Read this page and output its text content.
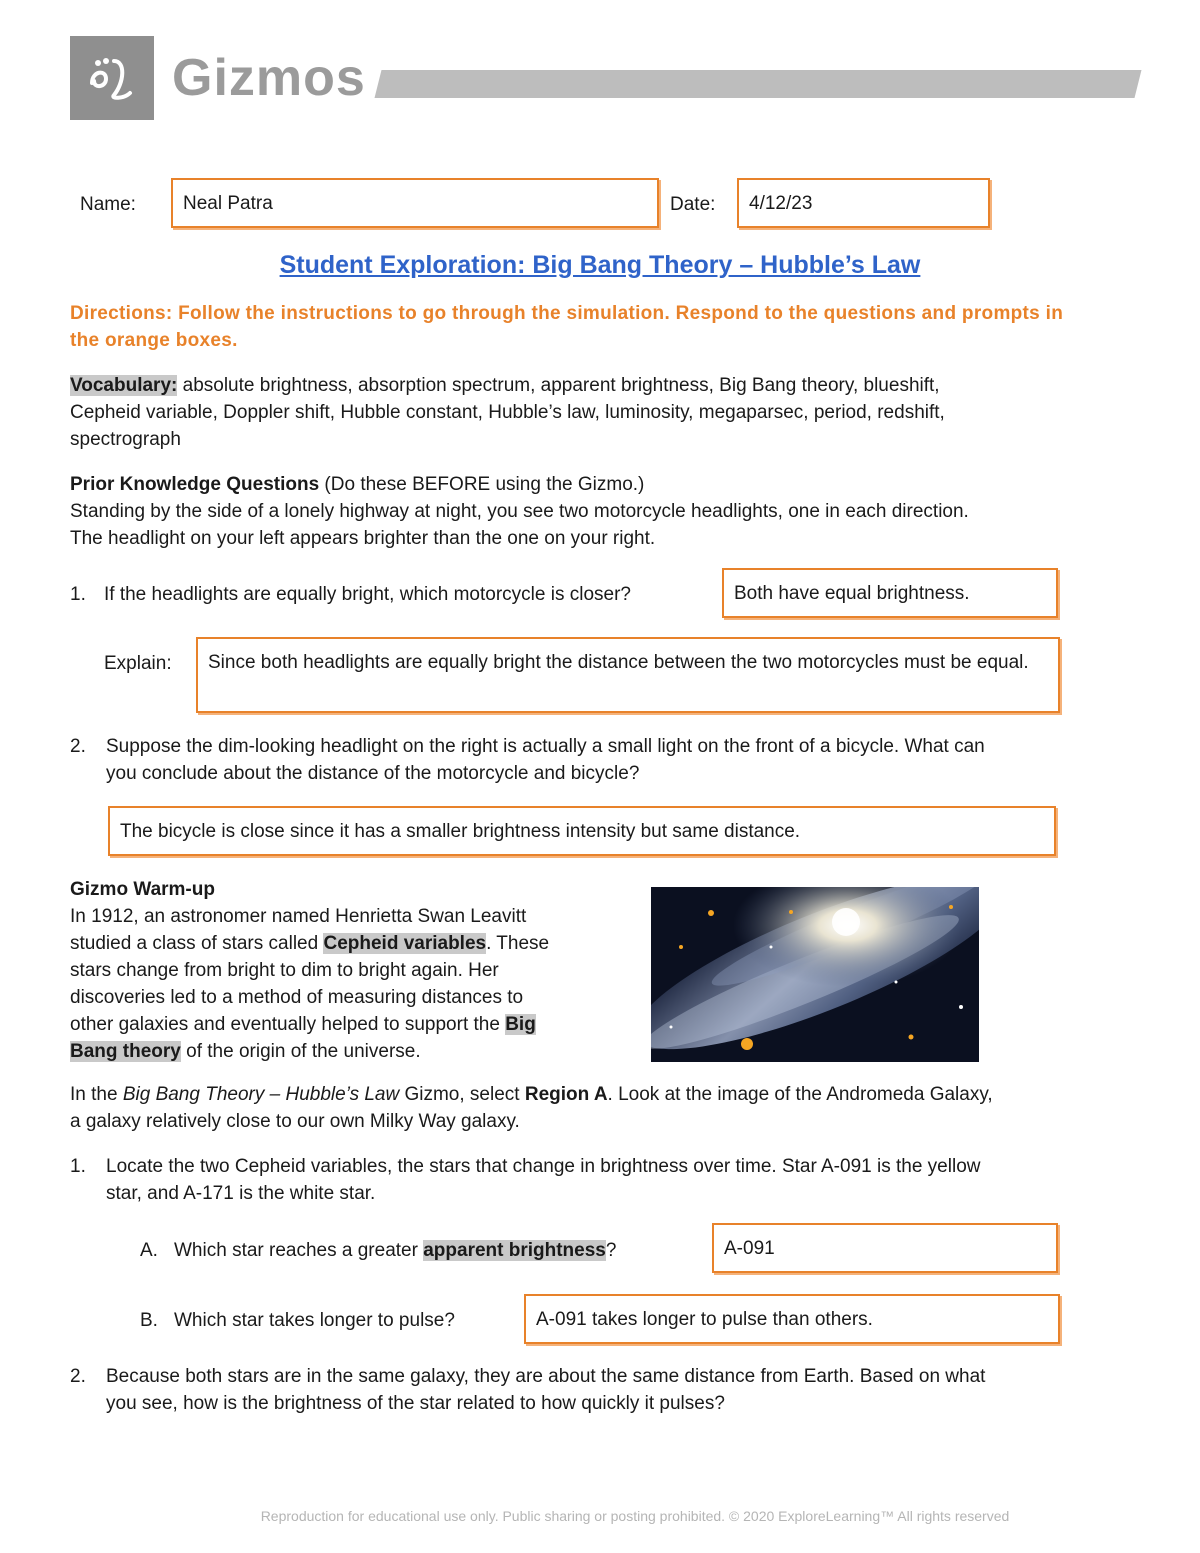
Gizmos
Name:	Neal Patra	Date:	4/12/23
Student Exploration: Big Bang Theory – Hubble’s Law
Directions: Follow the instructions to go through the simulation. Respond to the questions and prompts in the orange boxes.
Vocabulary: absolute brightness, absorption spectrum, apparent brightness, Big Bang theory, blueshift,
Cepheid variable, Doppler shift, Hubble constant, Hubble’s law, luminosity, megaparsec, period, redshift,
spectrograph
Prior Knowledge Questions (Do these BEFORE using the Gizmo.)
Standing by the side of a lonely highway at night, you see two motorcycle headlights, one in each direction.
The headlight on your left appears brighter than the one on your right.
1. If the headlights are equally bright, which motorcycle is closer?	Both have equal brightness.
Explain:	Since both headlights are equally bright the distance between the two motorcycles must be equal.
2. Suppose the dim-looking headlight on the right is actually a small light on the front of a bicycle. What can
you conclude about the distance of the motorcycle and bicycle?
The bicycle is close since it has a smaller brightness intensity but same distance.
Gizmo Warm-up
In 1912, an astronomer named Henrietta Swan Leavitt
studied a class of stars called Cepheid variables. These
stars change from bright to dim to bright again. Her
discoveries led to a method of measuring distances to
other galaxies and eventually helped to support the Big
Bang theory of the origin of the universe.
In the Big Bang Theory – Hubble’s Law Gizmo, select Region A. Look at the image of the Andromeda Galaxy,
a galaxy relatively close to our own Milky Way galaxy.
1. Locate the two Cepheid variables, the stars that change in brightness over time. Star A-091 is the yellow
star, and A-171 is the white star.
A. Which star reaches a greater apparent brightness?	A-091
B. Which star takes longer to pulse?	A-091 takes longer to pulse than others.
2. Because both stars are in the same galaxy, they are about the same distance from Earth. Based on what
you see, how is the brightness of the star related to how quickly it pulses?
Reproduction for educational use only. Public sharing or posting prohibited. © 2020 ExploreLearning™ All rights reserved
